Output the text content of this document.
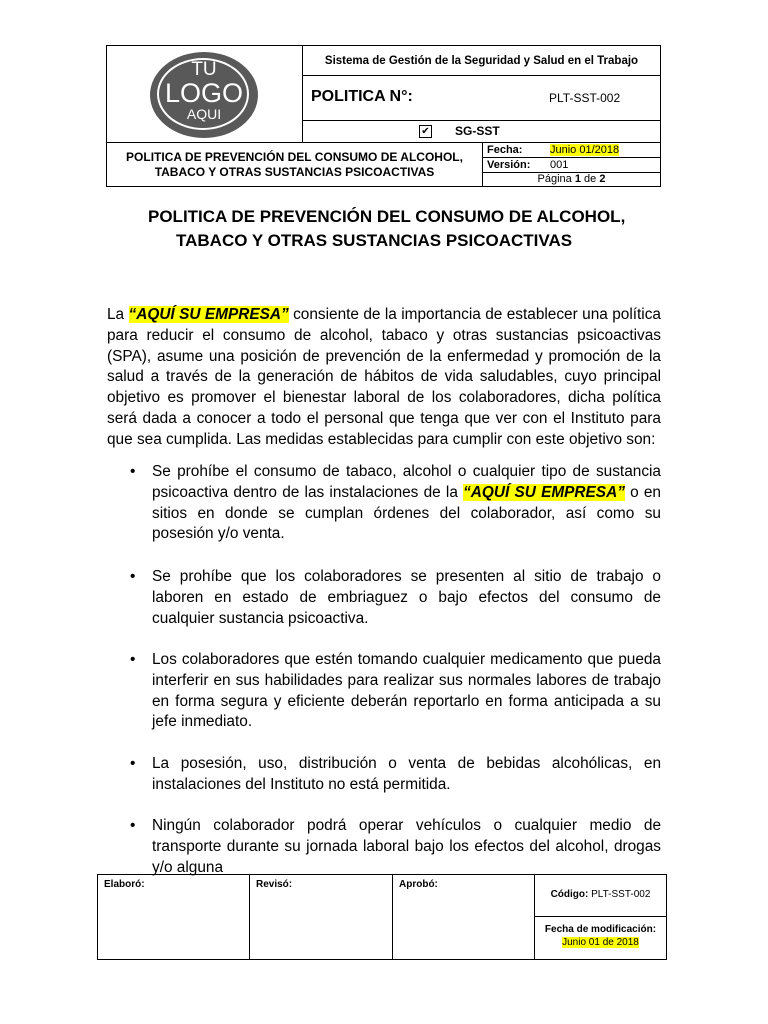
TU
LOGO
AQUI
Sistema de Gestión de la Seguridad y Salud en el Trabajo
POLITICA N°:	PLT-SST-002
✔ SG-SST
POLITICA DE PREVENCIÓN DEL CONSUMO DE ALCOHOL,
TABACO Y OTRAS SUSTANCIAS PSICOACTIVAS
Fecha:	Junio 01/2018
Versión: 001
Página 1 de 2
POLITICA DE PREVENCIÓN DEL CONSUMO DE ALCOHOL,
TABACO Y OTRAS SUSTANCIAS PSICOACTIVAS

La “AQUÍ SU EMPRESA” consiente de la importancia de establecer una política para reducir el consumo de alcohol, tabaco y otras sustancias psicoactivas (SPA), asume una posición de prevención de la enfermedad y promoción de la salud a través de la generación de hábitos de vida saludables, cuyo principal objetivo es promover el bienestar laboral de los colaboradores, dicha política será dada a conocer a todo el personal que tenga que ver con el Instituto para que sea cumplida. Las medidas establecidas para cumplir con este objetivo son:

• Se prohíbe el consumo de tabaco, alcohol o cualquier tipo de sustancia psicoactiva dentro de las instalaciones de la “AQUÍ SU EMPRESA” o en sitios en donde se cumplan órdenes del colaborador, así como su posesión y/o venta.
• Se prohíbe que los colaboradores se presenten al sitio de trabajo o laboren en estado de embriaguez o bajo efectos del consumo de cualquier sustancia psicoactiva.
• Los colaboradores que estén tomando cualquier medicamento que pueda interferir en sus habilidades para realizar sus normales labores de trabajo en forma segura y eficiente deberán reportarlo en forma anticipada a su jefe inmediato.
• La posesión, uso, distribución o venta de bebidas alcohólicas, en instalaciones del Instituto no está permitida.
• Ningún colaborador podrá operar vehículos o cualquier medio de transporte durante su jornada laboral bajo los efectos del alcohol, drogas y/o alguna
Elaboró:	Revisó:	Aprobó:
Código: PLT-SST-002
Fecha de modificación:
Junio 01 de 2018
